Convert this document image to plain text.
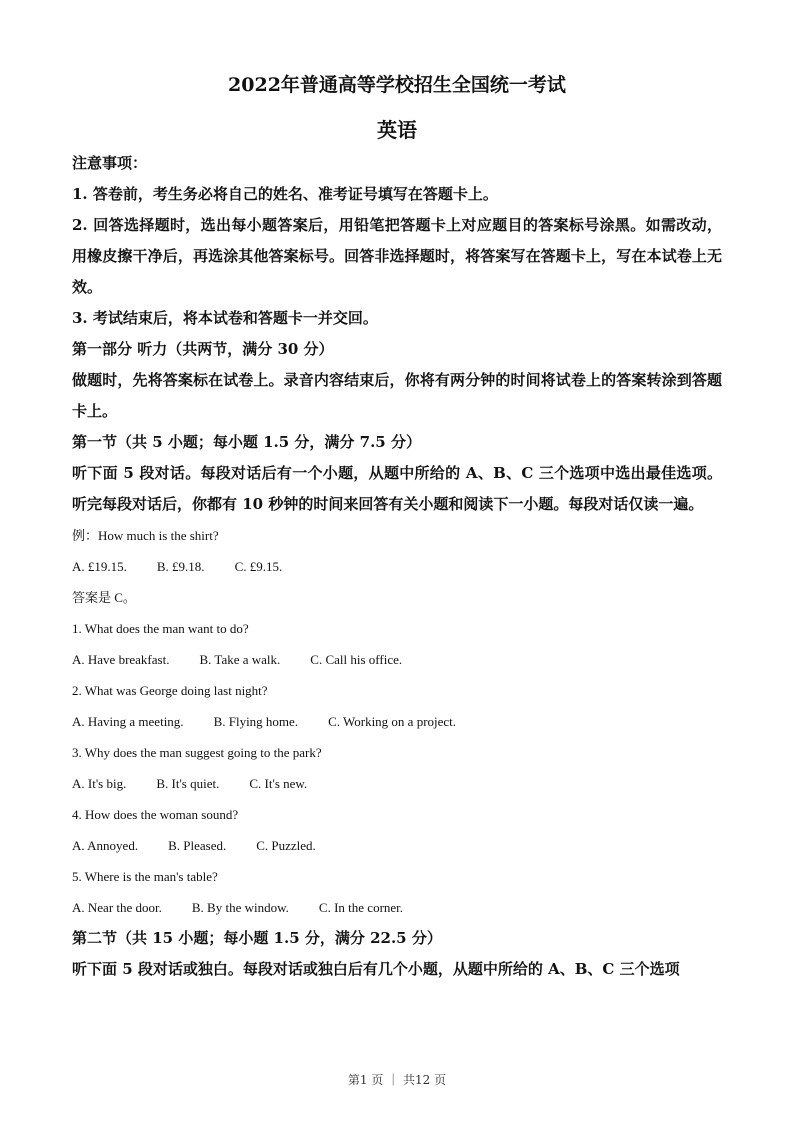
2022年普通高等学校招生全国统一考试
英语

注意事项：

1. 答卷前，考生务必将自己的姓名、准考证号填写在答题卡上。

2. 回答选择题时，选出每小题答案后，用铅笔把答题卡上对应题目的答案标号涂黑。如需改动，用橡皮擦干净后，再选涂其他答案标号。回答非选择题时，将答案写在答题卡上，写在本试卷上无效。

3. 考试结束后，将本试卷和答题卡一并交回。

第一部分 听力（共两节，满分 30 分）

做题时，先将答案标在试卷上。录音内容结束后，你将有两分钟的时间将试卷上的答案转涂到答题卡上。

第一节（共 5 小题；每小题 1.5 分，满分 7.5 分）

听下面 5 段对话。每段对话后有一个小题，从题中所给的 A、B、C 三个选项中选出最佳选项。听完每段对话后，你都有 10 秒钟的时间来回答有关小题和阅读下一小题。每段对话仅读一遍。

例：How much is the shirt?

A. £19.15. B. £9.18. C. £9.15.

答案是 C。

1. What does the man want to do?

A. Have breakfast. B. Take a walk. C. Call his office.

2. What was George doing last night?

A. Having a meeting. B. Flying home. C. Working on a project.

3. Why does the man suggest going to the park?

A. It's big. B. It's quiet. C. It's new.

4. How does the woman sound?

A. Annoyed. B. Pleased. C. Puzzled.

5. Where is the man's table?

A. Near the door. B. By the window. C. In the corner.

第二节（共 15 小题；每小题 1.5 分，满分 22.5 分）

听下面 5 段对话或独白。每段对话或独白后有几个小题，从题中所给的 A、B、C 三个选项

第1 页 ｜ 共12 页
